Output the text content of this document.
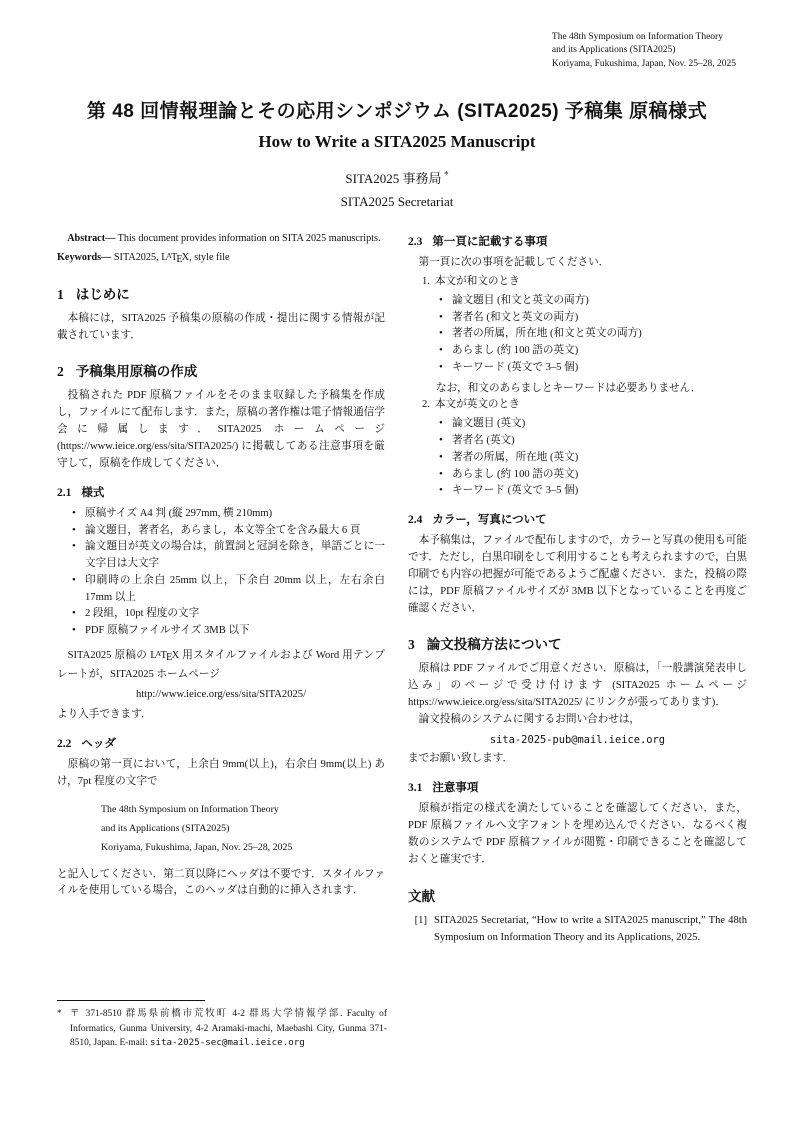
The 48th Symposium on Information Theory
and its Applications (SITA2025)
Koriyama, Fukushima, Japan, Nov. 25–28, 2025
第 48 回情報理論とその応用シンポジウム (SITA2025) 予稿集 原稿様式
How to Write a SITA2025 Manuscript
SITA2025 事務局  *
SITA2025 Secretariat

Abstract— This document provides information on SITA 2025 manuscripts.

Keywords— SITA2025, $L^ATEX$, style file

1 はじめに

本稿には，SITA2025 予稿集の原稿の作成・提出に関する情報が記載されています．

2 予稿集用原稿の作成

投稿された PDF 原稿ファイルをそのまま収録した予稿集を作成し，ファイルにて配布します．また，原稿の著作権は電子情報通信学会に帰属します．SITA2025 ホームページ (https://www.ieice.org/ess/sita/SITA2025/) に掲載してある注意事項を厳守して，原稿を作成してください．

2.1 様式
• 原稿サイズ A4 判 (縦 297mm, 横 210mm)
• 論文題目，著者名，あらまし，本文等全てを含み最大 6 頁
• 論文題目が英文の場合は，前置詞と冠詞を除き，単語ごとに一文字目は大文字
• 印刷時の上余白 25mm 以上，下余白 20mm 以上，左右余白 17mm 以上
• 2 段組，10pt 程度の文字
• PDF 原稿ファイルサイズ 3MB 以下

SITA2025 原稿の $L^ATEX$ 用スタイルファイルおよび Word 用テンプレートが，SITA2025 ホームページ

http://www.ieice.org/ess/sita/SITA2025/

より入手できます．

2.2 ヘッダ

原稿の第一頁において，上余白 9mm(以上)，右余白 9mm(以上) あけ，7pt 程度の文字で

The 48th Symposium on Information Theory
and its Applications (SITA2025)
Koriyama, Fukushima, Japan, Nov. 25–28, 2025

と記入してください．第二頁以降にヘッダは不要です．スタイルファイルを使用している場合，このヘッダは自動的に挿入されます．

2.3 第一頁に記載する事項

第一頁に次の事項を記載してください．

1. 本文が和文のとき
• 論文題目 (和文と英文の両方)
• 著者名 (和文と英文の両方)
• 著者の所属，所在地 (和文と英文の両方)
• あらまし (約 100 語の英文)
• キーワード (英文で 3–5 個)
なお，和文のあらましとキーワードは必要ありません．
2. 本文が英文のとき
• 論文題目 (英文)
• 著者名 (英文)
• 著者の所属，所在地 (英文)
• あらまし (約 100 語の英文)
• キーワード (英文で 3–5 個)
2.4 カラー，写真について

本予稿集は，ファイルで配布しますので，カラーと写真の使用も可能です．ただし，白黒印刷をして利用することも考えられますので，白黒印刷でも内容の把握が可能であるようご配慮ください．また，投稿の際には，PDF 原稿ファイルサイズが 3MB 以下となっていることを再度ご確認ください．

3 論文投稿方法について

原稿は PDF ファイルでご用意ください．原稿は，「一般講演発表申し込み」のページで受け付けます (SITA2025 ホームページ https://www.ieice.org/ess/sita/SITA2025/ にリンクが張ってあります)．

論文投稿のシステムに関するお問い合わせは，

sita-2025-pub@mail.ieice.org

までお願い致します．

3.1 注意事項

原稿が指定の様式を満たしていることを確認してください．また，PDF 原稿ファイルへ文字フォントを埋め込んでください．なるべく複数のシステムで PDF 原稿ファイルが閲覧・印刷できることを確認しておくと確実です．

文献
[1] SITA2025 Secretariat, “How to write a SITA2025 manuscript,” The 48th Symposium on Information Theory and its Applications, 2025.
* 〒 371-8510 群馬県前橋市荒牧町 4-2 群馬大学情報学部. Faculty of Informatics, Gunma University, 4-2 Aramaki-machi, Maebashi City, Gunma 371-8510, Japan. E-mail: sita-2025-sec@mail.ieice.org
